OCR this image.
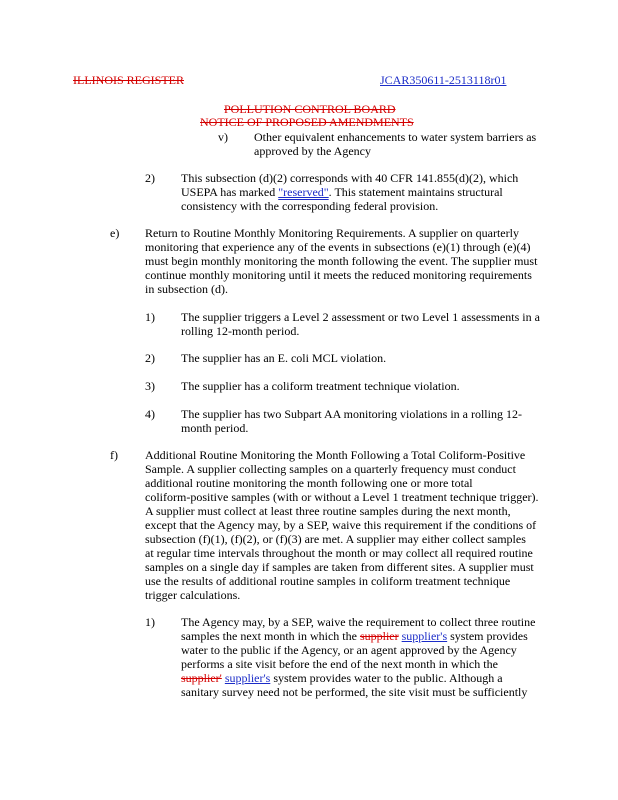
ILLINOIS REGISTER	JCAR350611-2513118r01
POLLUTION CONTROL BOARD
NOTICE OF PROPOSED AMENDMENTS
v) Other equivalent enhancements to water system barriers as
approved by the Agency
2) This subsection (d)(2) corresponds with 40 CFR 141.855(d)(2), which
USEPA has marked "reserved". This statement maintains structural
consistency with the corresponding federal provision.
e) Return to Routine Monthly Monitoring Requirements. A supplier on quarterly
monitoring that experience any of the events in subsections (e)(1) through (e)(4)
must begin monthly monitoring the month following the event. The supplier must
continue monthly monitoring until it meets the reduced monitoring requirements
in subsection (d).
1) The supplier triggers a Level 2 assessment or two Level 1 assessments in a
rolling 12-month period.
2) The supplier has an E. coli MCL violation.
3) The supplier has a coliform treatment technique violation.
4) The supplier has two Subpart AA monitoring violations in a rolling 12-
month period.
f) Additional Routine Monitoring the Month Following a Total Coliform-Positive
Sample. A supplier collecting samples on a quarterly frequency must conduct
additional routine monitoring the month following one or more total
coliform-positive samples (with or without a Level 1 treatment technique trigger).
A supplier must collect at least three routine samples during the next month,
except that the Agency may, by a SEP, waive this requirement if the conditions of
subsection (f)(1), (f)(2), or (f)(3) are met. A supplier may either collect samples
at regular time intervals throughout the month or may collect all required routine
samples on a single day if samples are taken from different sites. A supplier must
use the results of additional routine samples in coliform treatment technique
trigger calculations.
1) The Agency may, by a SEP, waive the requirement to collect three routine
samples the next month in which the supplier supplier's system provides
water to the public if the Agency, or an agent approved by the Agency
performs a site visit before the end of the next month in which the
supplier' supplier's system provides water to the public. Although a
sanitary survey need not be performed, the site visit must be sufficiently
